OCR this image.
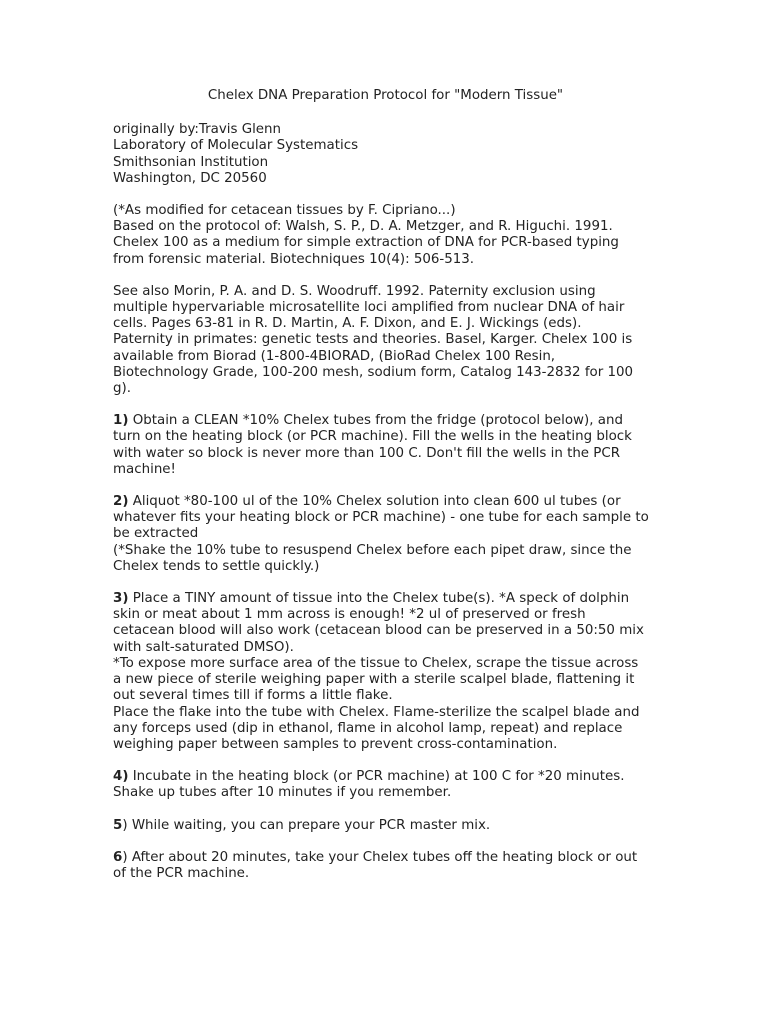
Chelex DNA Preparation Protocol for "Modern Tissue"
originally by:Travis Glenn
Laboratory of Molecular Systematics
Smithsonian Institution
Washington, DC 20560
(*As modified for cetacean tissues by F. Cipriano...)
Based on the protocol of: Walsh, S. P., D. A. Metzger, and R. Higuchi. 1991.
Chelex 100 as a medium for simple extraction of DNA for PCR-based typing
from forensic material. Biotechniques 10(4): 506-513.
See also Morin, P. A. and D. S. Woodruff. 1992. Paternity exclusion using
multiple hypervariable microsatellite loci amplified from nuclear DNA of hair
cells. Pages 63-81 in R. D. Martin, A. F. Dixon, and E. J. Wickings (eds).
Paternity in primates: genetic tests and theories. Basel, Karger. Chelex 100 is
available from Biorad (1-800-4BIORAD, (BioRad Chelex 100 Resin,
Biotechnology Grade, 100-200 mesh, sodium form, Catalog 143-2832 for 100
g).
1) Obtain a CLEAN *10% Chelex tubes from the fridge (protocol below), and
turn on the heating block (or PCR machine). Fill the wells in the heating block
with water so block is never more than 100 C. Don't fill the wells in the PCR
machine!
2) Aliquot *80-100 ul of the 10% Chelex solution into clean 600 ul tubes (or
whatever fits your heating block or PCR machine) - one tube for each sample to
be extracted
(*Shake the 10% tube to resuspend Chelex before each pipet draw, since the
Chelex tends to settle quickly.)
3) Place a TINY amount of tissue into the Chelex tube(s). *A speck of dolphin
skin or meat about 1 mm across is enough! *2 ul of preserved or fresh
cetacean blood will also work (cetacean blood can be preserved in a 50:50 mix
with salt-saturated DMSO).
*To expose more surface area of the tissue to Chelex, scrape the tissue across
a new piece of sterile weighing paper with a sterile scalpel blade, flattening it
out several times till if forms a little flake.
Place the flake into the tube with Chelex. Flame-sterilize the scalpel blade and
any forceps used (dip in ethanol, flame in alcohol lamp, repeat) and replace
weighing paper between samples to prevent cross-contamination.
4) Incubate in the heating block (or PCR machine) at 100 C for *20 minutes.
Shake up tubes after 10 minutes if you remember.
5) While waiting, you can prepare your PCR master mix.
6) After about 20 minutes, take your Chelex tubes off the heating block or out
of the PCR machine.
